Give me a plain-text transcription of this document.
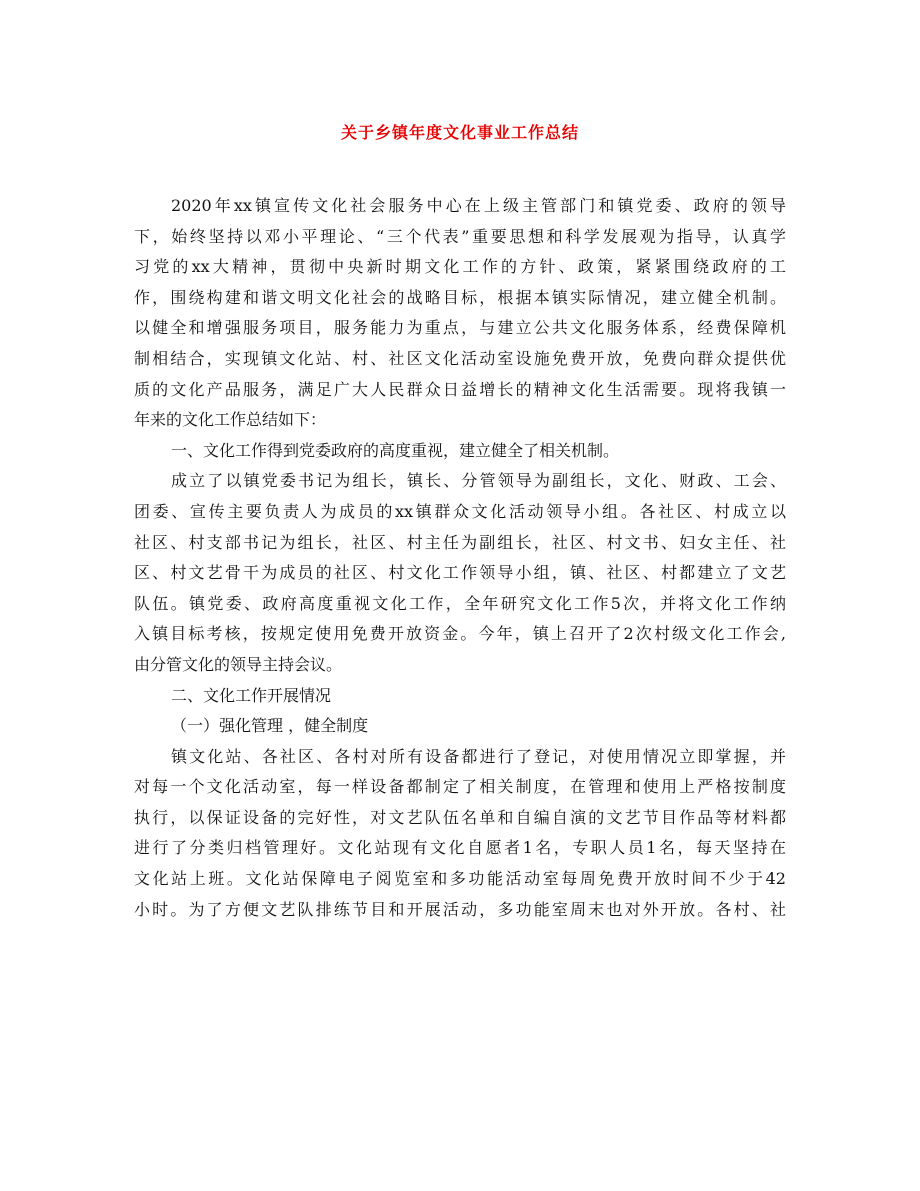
关于乡镇年度文化事业工作总结
2020年xx镇宣传文化社会服务中心在上级主管部门和镇党委、政府的领导
下，始终坚持以邓小平理论、“三个代表”重要思想和科学发展观为指导，认真学
习党的xx大精神，贯彻中央新时期文化工作的方针、政策，紧紧围绕政府的工
作，围绕构建和谐文明文化社会的战略目标，根据本镇实际情况，建立健全机制。
以健全和增强服务项目，服务能力为重点，与建立公共文化服务体系，经费保障机
制相结合，实现镇文化站、村、社区文化活动室设施免费开放，免费向群众提供优
质的文化产品服务，满足广大人民群众日益增长的精神文化生活需要。现将我镇一
年来的文化工作总结如下：
一、文化工作得到党委政府的高度重视，建立健全了相关机制。
成立了以镇党委书记为组长，镇长、分管领导为副组长，文化、财政、工会、
团委、宣传主要负责人为成员的xx镇群众文化活动领导小组。各社区、村成立以
社区、村支部书记为组长，社区、村主任为副组长，社区、村文书、妇女主任、社
区、村文艺骨干为成员的社区、村文化工作领导小组，镇、社区、村都建立了文艺
队伍。镇党委、政府高度重视文化工作，全年研究文化工作5次，并将文化工作纳
入镇目标考核，按规定使用免费开放资金。今年，镇上召开了2次村级文化工作会,
由分管文化的领导主持会议。
二、文化工作开展情况
（一）强化管理 ，健全制度
镇文化站、各社区、各村对所有设备都进行了登记，对使用情况立即掌握，并
对每一个文化活动室，每一样设备都制定了相关制度，在管理和使用上严格按制度
执行，以保证设备的完好性，对文艺队伍名单和自编自演的文艺节目作品等材料都
进行了分类归档管理好。文化站现有文化自愿者1名，专职人员1名，每天坚持在
文化站上班。文化站保障电子阅览室和多功能活动室每周免费开放时间不少于42
小时。为了方便文艺队排练节目和开展活动，多功能室周末也对外开放。各村、社
